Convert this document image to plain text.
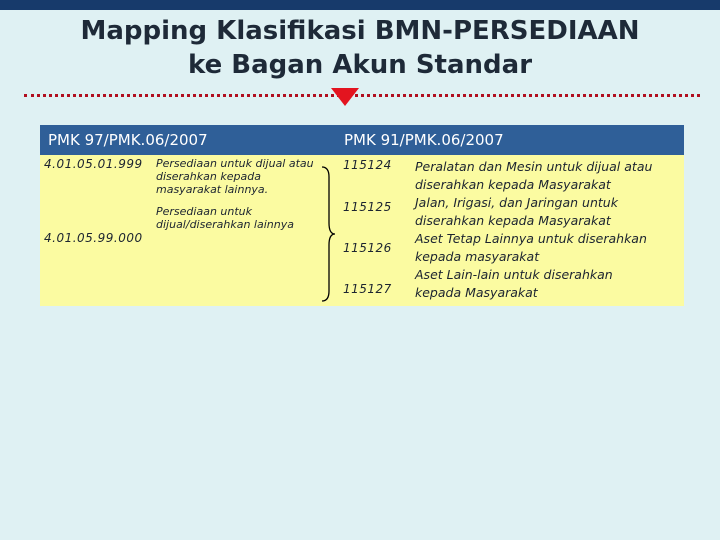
Mapping Klasifikasi BMN-PERSEDIAAN
ke Bagan Akun Standar
PMK 97/PMK.06/2007	PMK 91/PMK.06/2007
4.01.05.01.999
4.01.05.99.000
Persediaan untuk dijual atau
diserahkan kepada
masyarakat lainnya.
Persediaan untuk
dijual/diserahkan lainnya
115124
115125
115126
115127
Peralatan dan Mesin untuk dijual atau
diserahkan kepada Masyarakat
Jalan, Irigasi, dan Jaringan untuk
diserahkan kepada Masyarakat
Aset Tetap Lainnya untuk diserahkan
kepada masyarakat
Aset Lain-lain untuk diserahkan
kepada Masyarakat
